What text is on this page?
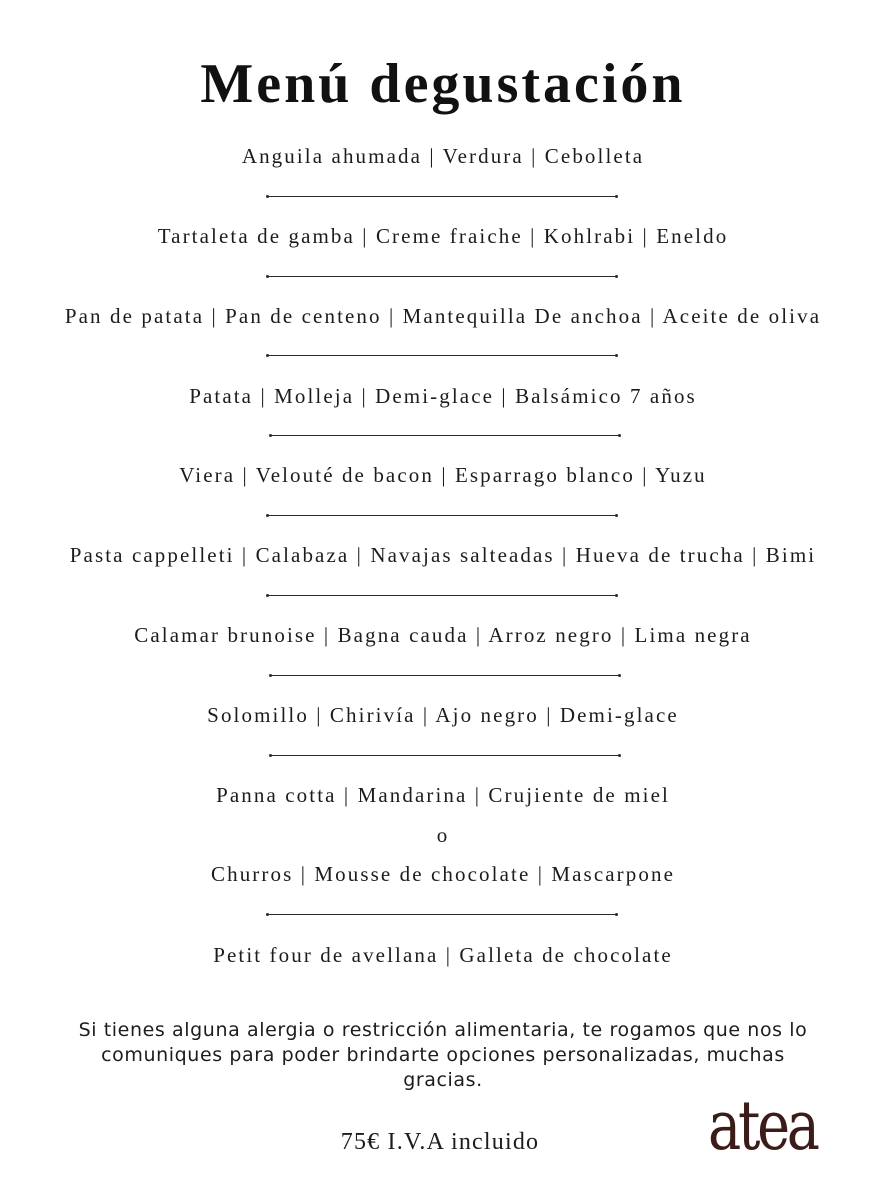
Menú degustación
Anguila ahumada | Verdura | Cebolleta
Tartaleta de gamba | Creme fraiche | Kohlrabi | Eneldo
Pan de patata | Pan de centeno | Mantequilla De anchoa | Aceite de oliva
Patata | Molleja | Demi-glace | Balsámico 7 años
Viera | Velouté de bacon | Esparrago blanco | Yuzu
Pasta cappelleti | Calabaza | Navajas salteadas | Hueva de trucha | Bimi
Calamar brunoise | Bagna cauda | Arroz negro | Lima negra
Solomillo | Chirivía | Ajo negro | Demi-glace
Panna cotta | Mandarina | Crujiente de miel
o
Churros | Mousse de chocolate | Mascarpone
Petit four de avellana | Galleta de chocolate
Si tienes alguna alergia o restricción alimentaria, te rogamos que nos lo comuniques para poder brindarte opciones personalizadas, muchas gracias.
75€ I.V.A incluido	atea
